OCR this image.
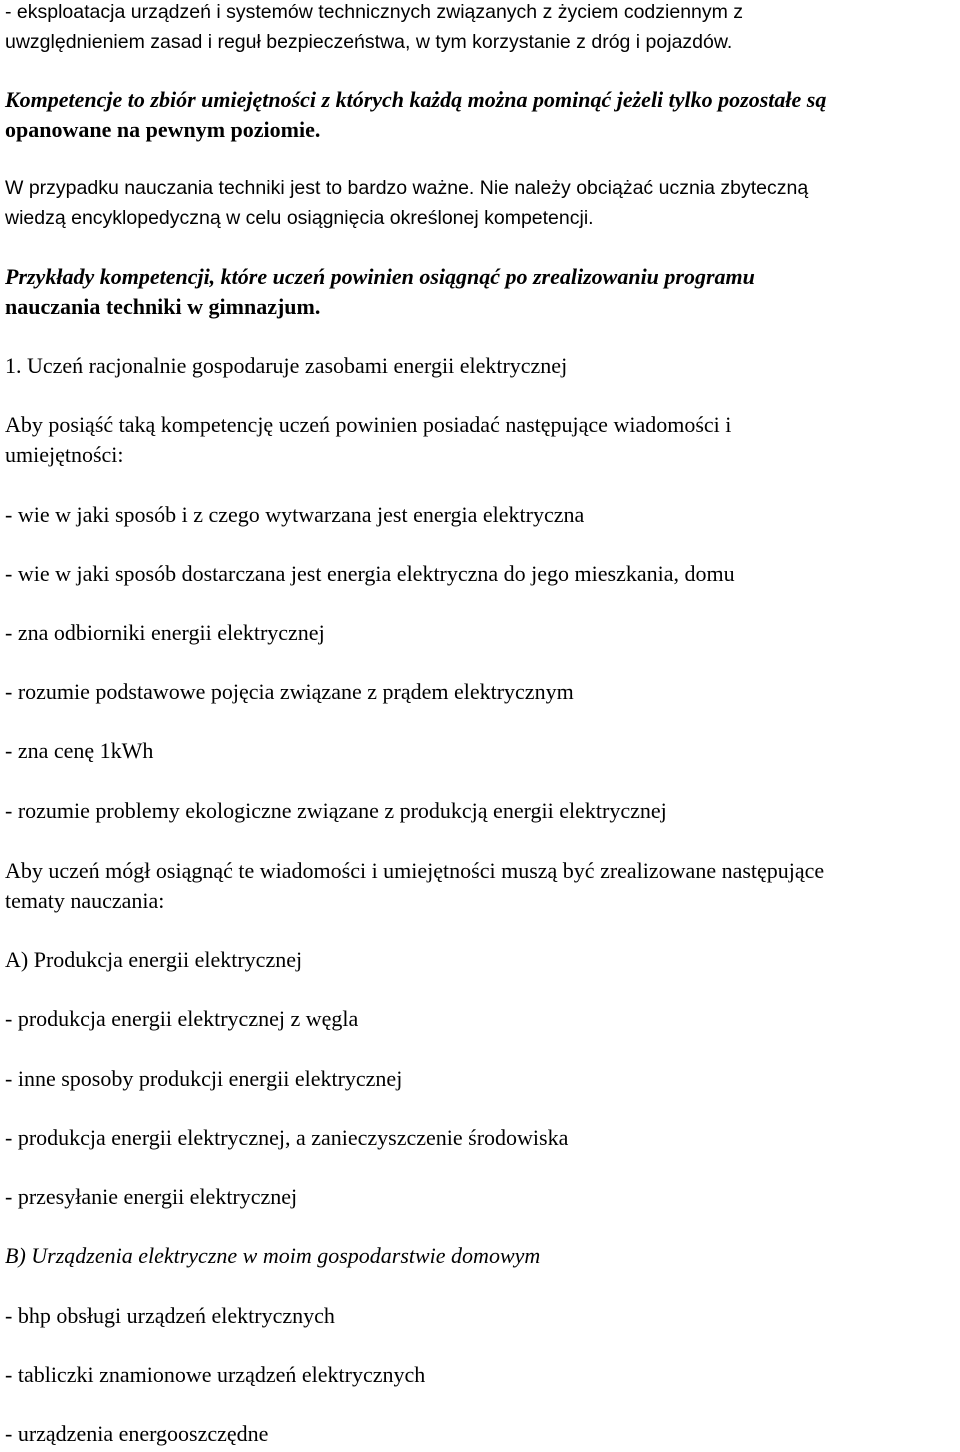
- eksploatacja urządzeń i systemów technicznych związanych z życiem codziennym z
uwzględnieniem zasad i reguł bezpieczeństwa, w tym korzystanie z dróg i pojazdów.
Kompetencje to zbiór umiejętności z których każdą można pominąć jeżeli tylko pozostałe są
opanowane na pewnym poziomie.
W przypadku nauczania techniki jest to bardzo ważne. Nie należy obciążać ucznia zbyteczną
wiedzą encyklopedyczną w celu osiągnięcia określonej kompetencji.
Przykłady kompetencji, które uczeń powinien osiągnąć po zrealizowaniu programu
nauczania techniki w gimnazjum.
1. Uczeń racjonalnie gospodaruje zasobami energii elektrycznej
Aby posiąść taką kompetencję uczeń powinien posiadać następujące wiadomości i
umiejętności:
- wie w jaki sposób i z czego wytwarzana jest energia elektryczna
- wie w jaki sposób dostarczana jest energia elektryczna do jego mieszkania, domu
- zna odbiorniki energii elektrycznej
- rozumie podstawowe pojęcia związane z prądem elektrycznym
- zna cenę 1kWh
- rozumie problemy ekologiczne związane z produkcją energii elektrycznej
Aby uczeń mógł osiągnąć te wiadomości i umiejętności muszą być zrealizowane następujące
tematy nauczania:
A) Produkcja energii elektrycznej
- produkcja energii elektrycznej z węgla
- inne sposoby produkcji energii elektrycznej
- produkcja energii elektrycznej, a zanieczyszczenie środowiska
- przesyłanie energii elektrycznej
B) Urządzenia elektryczne w moim gospodarstwie domowym
- bhp obsługi urządzeń elektrycznych
- tabliczki znamionowe urządzeń elektrycznych
- urządzenia energooszczędne
